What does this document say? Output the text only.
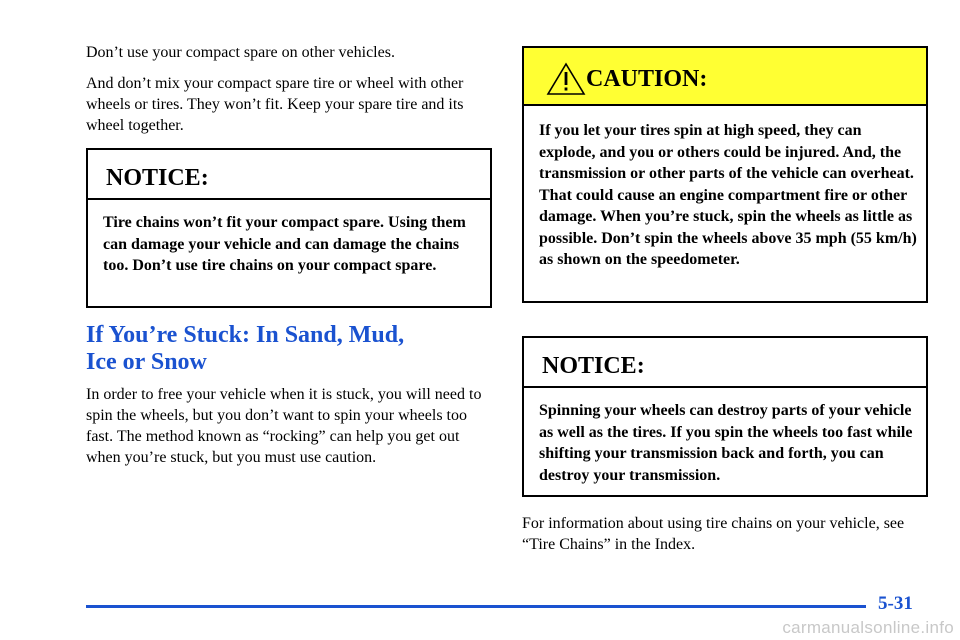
Don’t use your compact spare on other vehicles.

And don’t mix your compact spare tire or wheel with other wheels or tires. They won’t fit. Keep your spare tire and its wheel together.

NOTICE:
Tire chains won’t fit your compact spare. Using them can damage your vehicle and can damage the chains too. Don’t use tire chains on your compact spare.
If You’re Stuck: In Sand, Mud,
Ice or Snow

In order to free your vehicle when it is stuck, you will need to spin the wheels, but you don’t want to spin your wheels too fast. The method known as “rocking” can help you get out when you’re stuck, but you must use caution.

CAUTION:
If you let your tires spin at high speed, they can explode, and you or others could be injured. And, the transmission or other parts of the vehicle can overheat. That could cause an engine compartment fire or other damage. When you’re stuck, spin the wheels as little as possible. Don’t spin the wheels above 35 mph (55 km/h) as shown on the speedometer.
NOTICE:
Spinning your wheels can destroy parts of your vehicle as well as the tires. If you spin the wheels too fast while shifting your transmission back and forth, you can destroy your transmission.

For information about using tire chains on your vehicle, see “Tire Chains” in the Index.

5-31
carmanualsonline.info
